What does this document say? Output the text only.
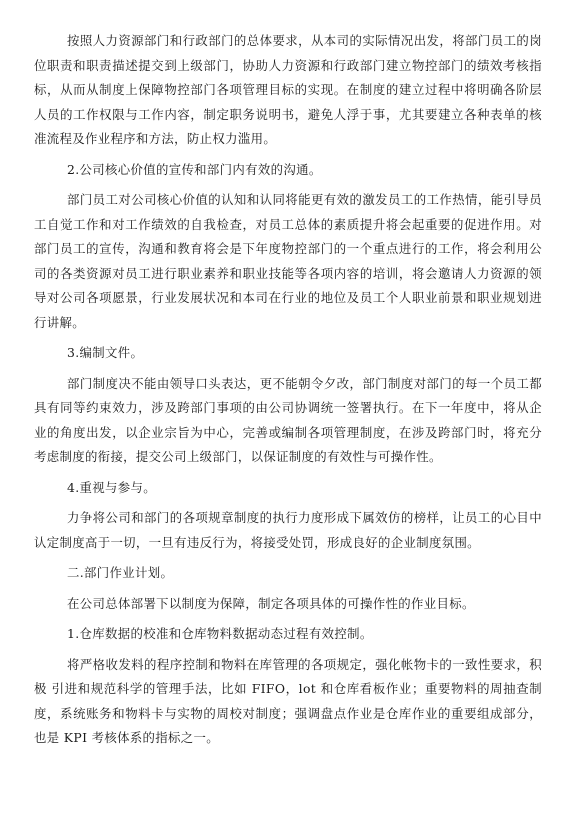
按照人力资源部门和行政部门的总体要求，从本司的实际情况出发，将部门员工的岗位职责和职责描述提交到上级部门，协助人力资源和行政部门建立物控部门的绩效考核指标，从而从制度上保障物控部门各项管理目标的实现。在制度的建立过程中将明确各阶层人员的工作权限与工作内容，制定职务说明书，避免人浮于事，尤其要建立各种表单的核准流程及作业程序和方法，防止权力滥用。

2.公司核心价值的宣传和部门内有效的沟通。

部门员工对公司核心价值的认知和认同将能更有效的激发员工的工作热情，能引导员工自觉工作和对工作绩效的自我检查，对员工总体的素质提升将会起重要的促进作用。对部门员工的宣传，沟通和教育将会是下年度物控部门的一个重点进行的工作，将会利用公司的各类资源对员工进行职业素养和职业技能等各项内容的培训，将会邀请人力资源的领导对公司各项愿景，行业发展状况和本司在行业的地位及员工个人职业前景和职业规划进行讲解。

3.编制文件。

部门制度决不能由领导口头表达，更不能朝令夕改，部门制度对部门的每一个员工都具有同等约束效力，涉及跨部门事项的由公司协调统一签署执行。在下一年度中，将从企业的角度出发，以企业宗旨为中心，完善或编制各项管理制度，在涉及跨部门时，将充分考虑制度的衔接，提交公司上级部门，以保证制度的有效性与可操作性。

4.重视与参与。

力争将公司和部门的各项规章制度的执行力度形成下属效仿的榜样，让员工的心目中认定制度高于一切，一旦有违反行为，将接受处罚，形成良好的企业制度氛围。

二.部门作业计划。

在公司总体部署下以制度为保障，制定各项具体的可操作性的作业目标。

1.仓库数据的校准和仓库物料数据动态过程有效控制。

将严格收发料的程序控制和物料在库管理的各项规定，强化帐物卡的一致性要求，积极 引进和规范科学的管理手法，比如 FIFO，lot 和仓库看板作业；重要物料的周抽查制度，系统账务和物料卡与实物的周校对制度；强调盘点作业是仓库作业的重要组成部分，也是 KPI 考核体系的指标之一。
